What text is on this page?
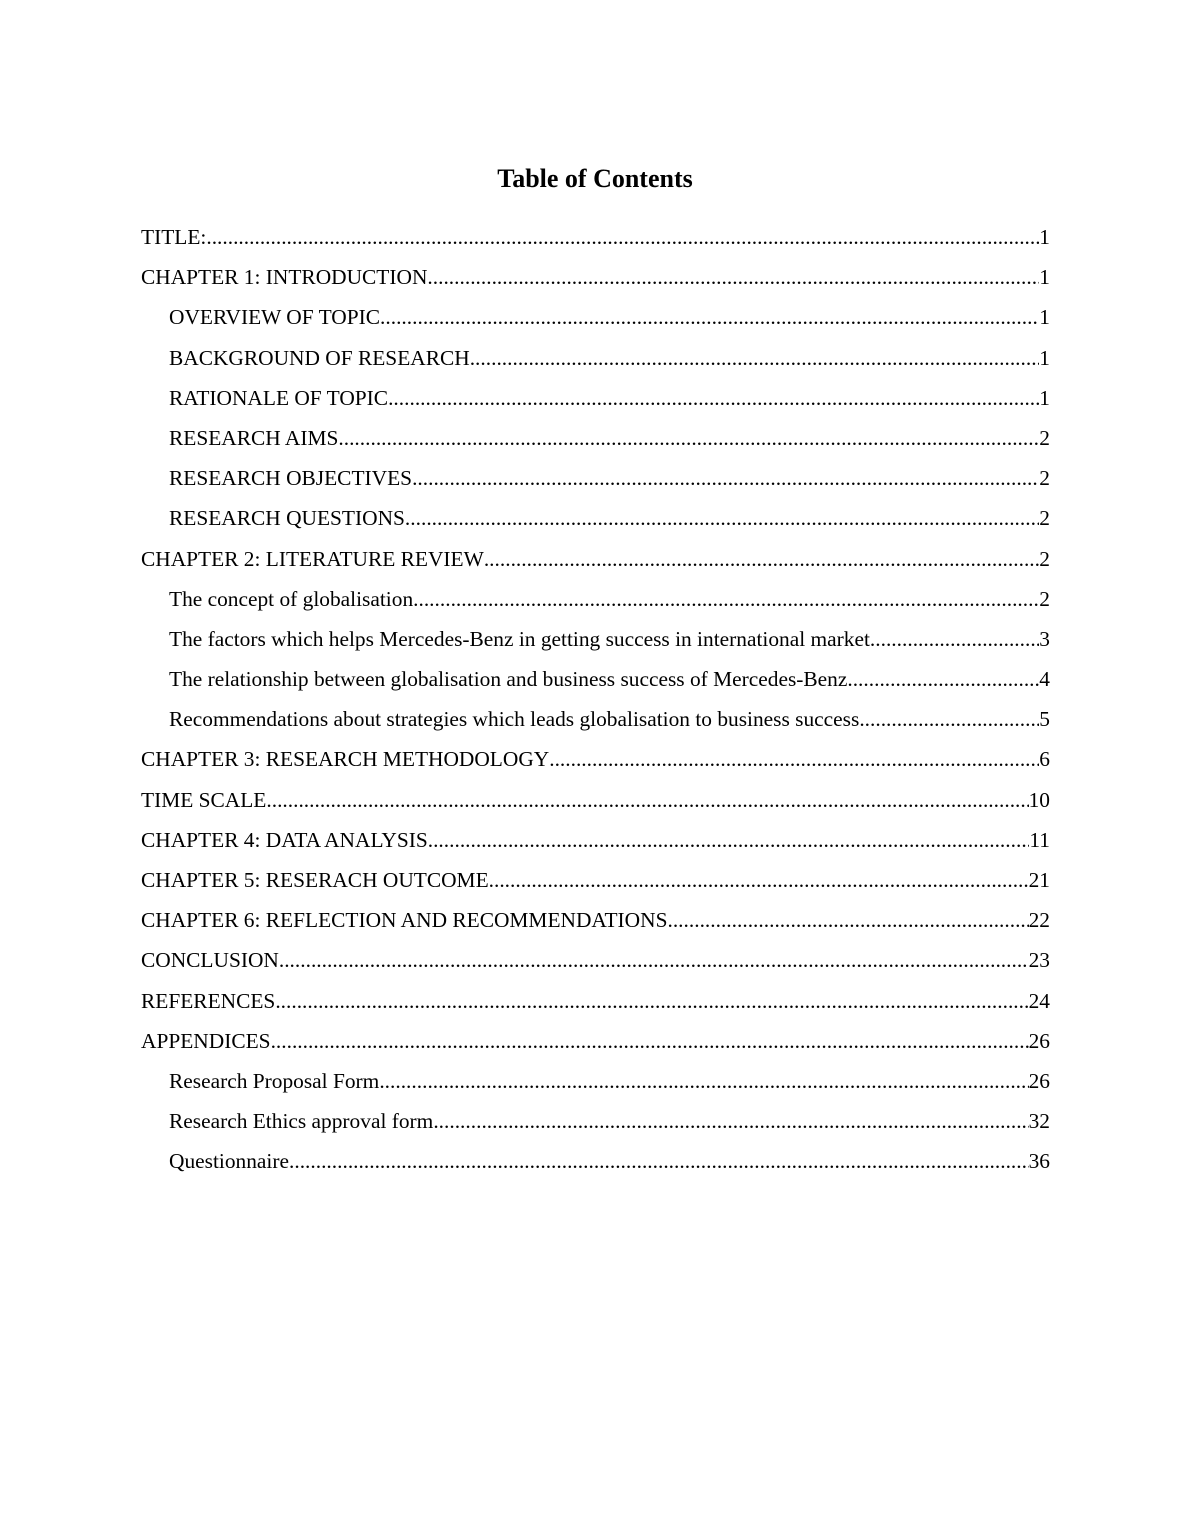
Table of Contents
TITLE: .....	1
CHAPTER 1: INTRODUCTION .....	1
OVERVIEW OF TOPIC .....	1
BACKGROUND OF RESEARCH .....	1
RATIONALE OF TOPIC .....	1
RESEARCH AIMS .....	2
RESEARCH OBJECTIVES .....	2
RESEARCH QUESTIONS .....	2
CHAPTER 2: LITERATURE REVIEW .....	2
The concept of globalisation .....	2
The factors which helps Mercedes-Benz in getting success in international market .....	3
The relationship between globalisation and business success of Mercedes-Benz .....	4
Recommendations about strategies which leads globalisation to business success .....	5
CHAPTER 3: RESEARCH METHODOLOGY .....	6
TIME SCALE .....	10
CHAPTER 4: DATA ANALYSIS .....	11
CHAPTER 5: RESERACH OUTCOME .....	21
CHAPTER 6: REFLECTION AND RECOMMENDATIONS .....	22
CONCLUSION .....	23
REFERENCES .....	24
APPENDICES .....	26
Research Proposal Form .....	26
Research Ethics approval form .....	32
Questionnaire .....	36
